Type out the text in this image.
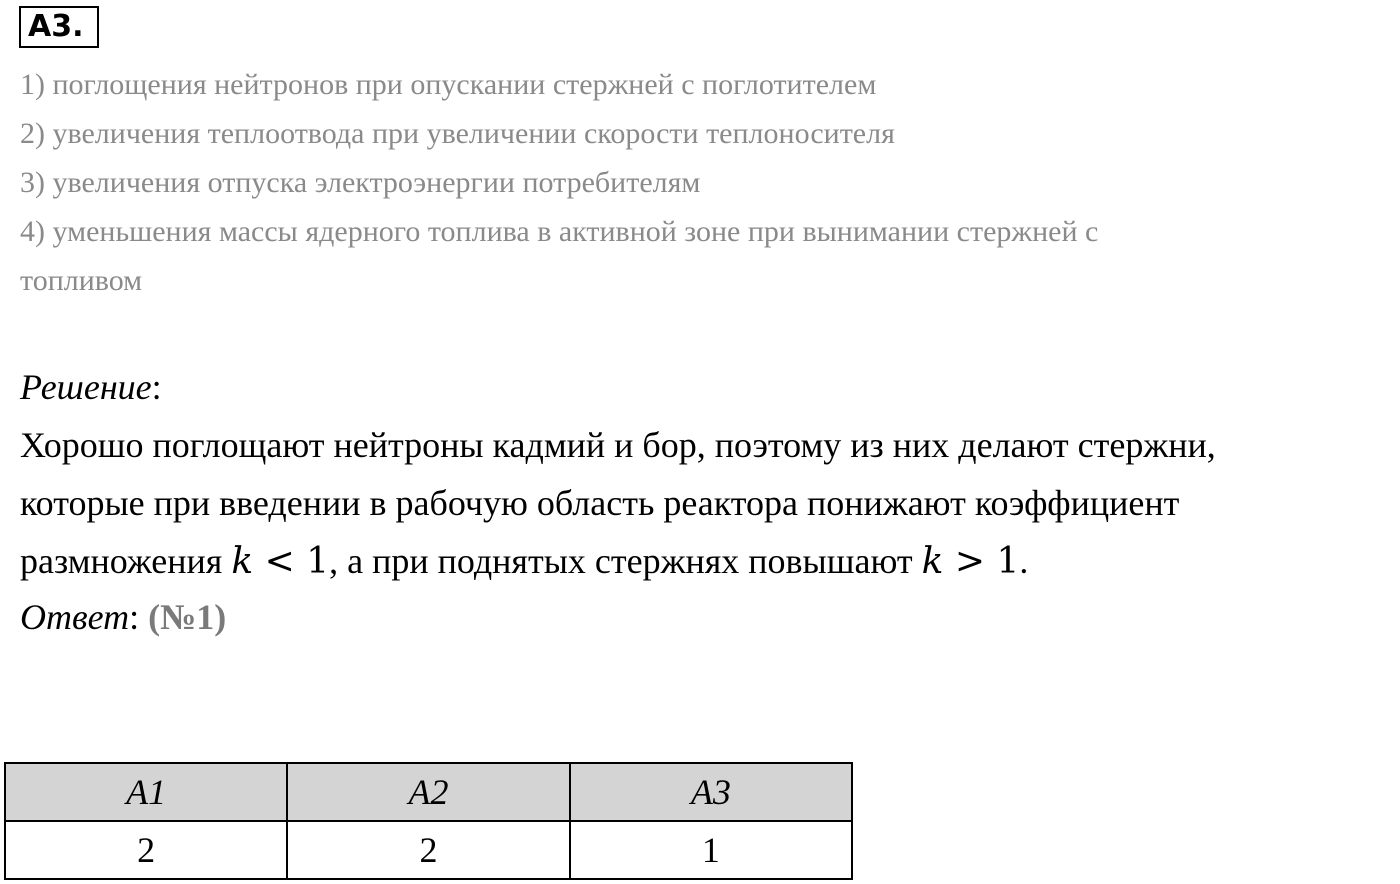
А3.
1) поглощения нейтронов при опускании стержней с поглотителем
2) увеличения теплоотвода при увеличении скорости теплоносителя
3) увеличения отпуска электроэнергии потребителям
4) уменьшения массы ядерного топлива в активной зоне при вынимании стержней с
топливом
Решение:
Хорошо поглощают нейтроны кадмий и бор, поэтому из них делают стержни,
которые при введении в рабочую область реактора понижают коэффициент
размножения k < 1, а при поднятых стержнях повышают k > 1.
Ответ: (№1)
А1	А2	А3
2	2	1
